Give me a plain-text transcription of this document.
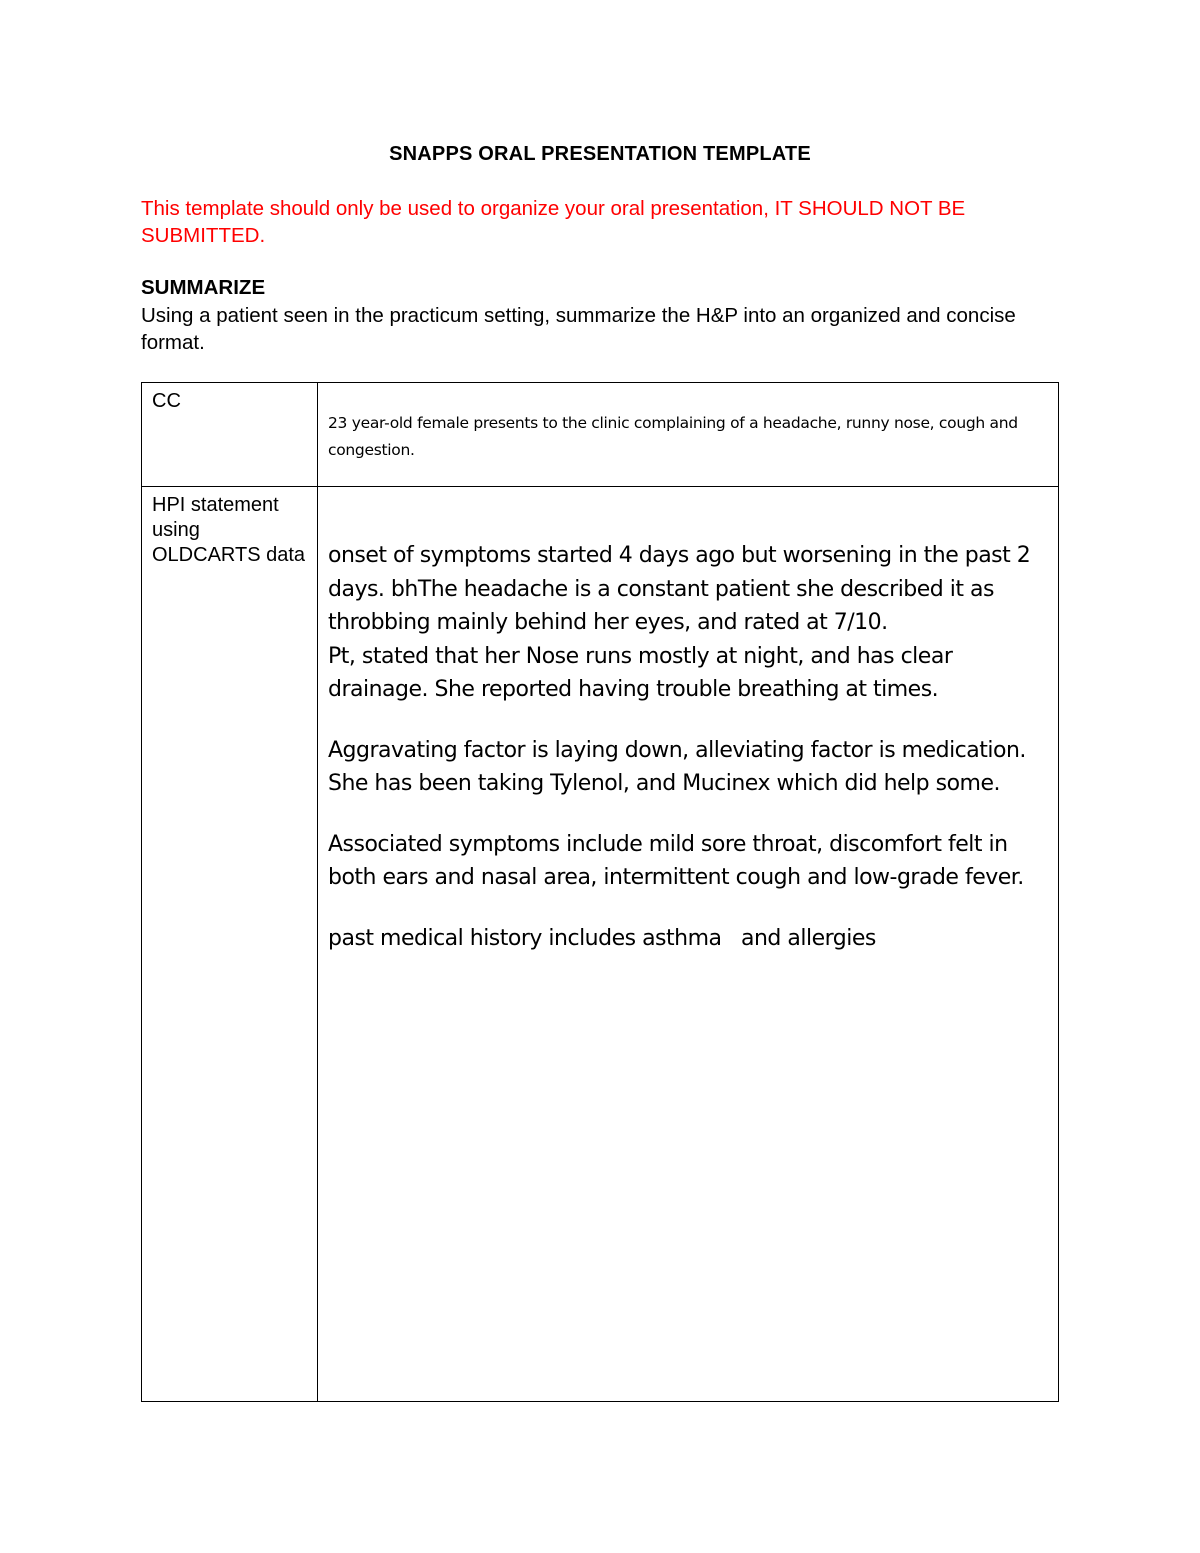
SNAPPS ORAL PRESENTATION TEMPLATE
This template should only be used to organize your oral presentation, IT SHOULD NOT BE SUBMITTED.
SUMMARIZE
Using a patient seen in the practicum setting, summarize the H&P into an organized and concise format.
CC	23 year-old female presents to the clinic complaining of a headache, runny nose, cough and congestion.

HPI statement using OLDCARTS data	onset of symptoms started 4 days ago but worsening in the past 2 days. bhThe headache is a constant patient she described it as throbbing mainly behind her eyes, and rated at 7/10.
Pt, stated that her Nose runs mostly at night, and has clear drainage. She reported having trouble breathing at times.

Aggravating factor is laying down, alleviating factor is medication. She has been taking Tylenol, and Mucinex which did help some.

Associated symptoms include mild sore throat, discomfort felt in both ears and nasal area, intermittent cough and low-grade fever.

past medical history includes asthma   and allergies
